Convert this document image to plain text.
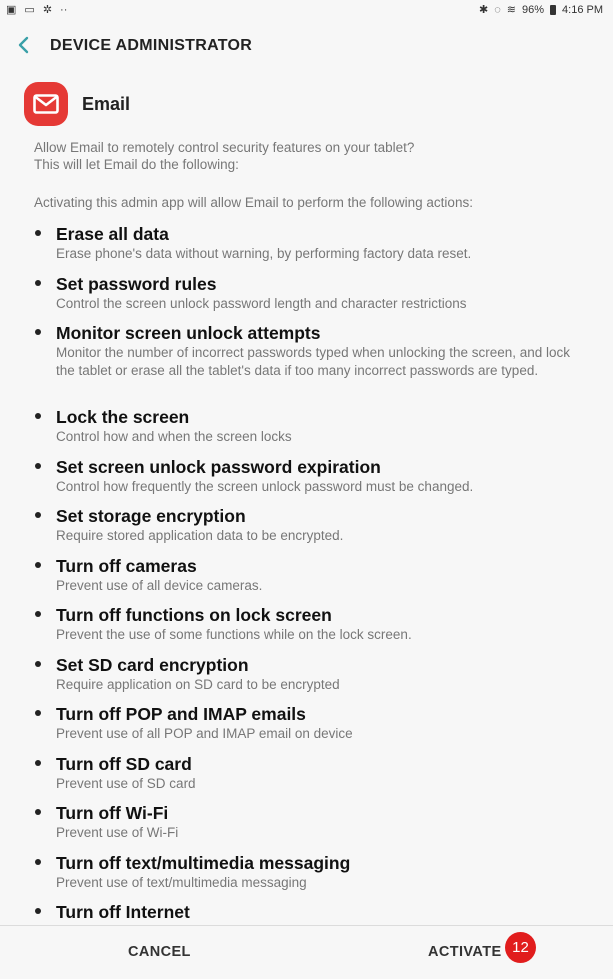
▣ ▭ ✲ ··	✱ ◌ ≋ 96% 4:16 PM
DEVICE ADMINISTRATOR
Email

Allow Email to remotely control security features on your tablet?

This will let Email do the following:

Activating this admin app will allow Email to perform the following actions:
Erase all data
Erase phone's data without warning, by performing factory data reset.
Set password rules
Control the screen unlock password length and character restrictions
Monitor screen unlock attempts
Monitor the number of incorrect passwords typed when unlocking the screen, and lock the tablet or erase all the tablet's data if too many incorrect passwords are typed.
Lock the screen
Control how and when the screen locks
Set screen unlock password expiration
Control how frequently the screen unlock password must be changed.
Set storage encryption
Require stored application data to be encrypted.
Turn off cameras
Prevent use of all device cameras.
Turn off functions on lock screen
Prevent the use of some functions while on the lock screen.
Set SD card encryption
Require application on SD card to be encrypted
Turn off POP and IMAP emails
Prevent use of all POP and IMAP email on device
Turn off SD card
Prevent use of SD card
Turn off Wi-Fi
Prevent use of Wi-Fi
Turn off text/multimedia messaging
Prevent use of text/multimedia messaging
Turn off Internet
CANCEL	ACTIVATE 12
